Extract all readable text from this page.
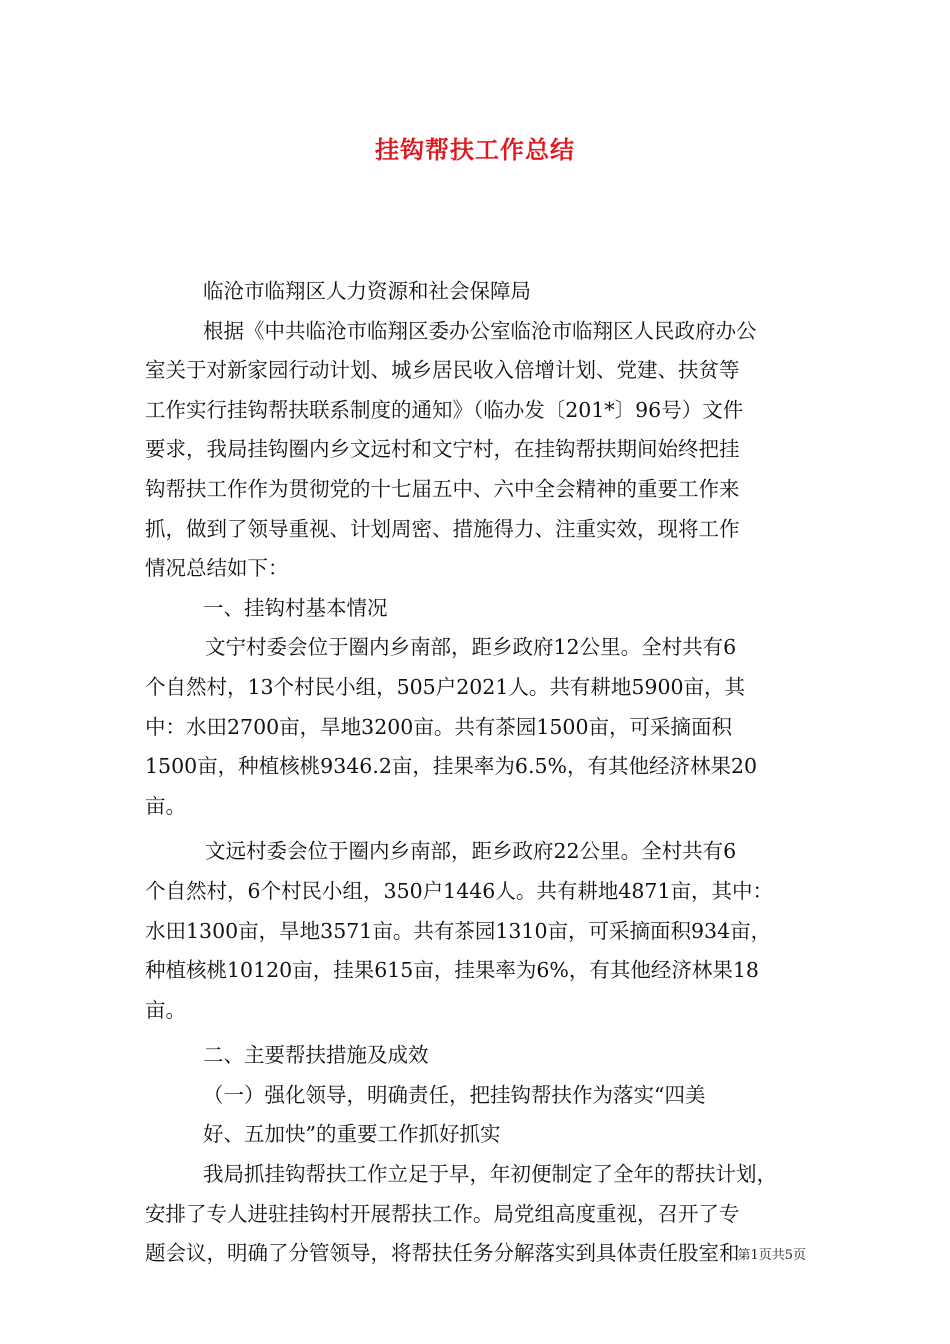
挂钩帮扶工作总结
临沧市临翔区人力资源和社会保障局
根据《中共临沧市临翔区委办公室临沧市临翔区人民政府办公
室关于对新家园行动计划、城乡居民收入倍增计划、党建、扶贫等
工作实行挂钩帮扶联系制度的通知》（临办发〔201*〕96号）文件
要求，我局挂钩圈内乡文远村和文宁村，在挂钩帮扶期间始终把挂
钩帮扶工作作为贯彻党的十七届五中、六中全会精神的重要工作来
抓，做到了领导重视、计划周密、措施得力、注重实效，现将工作
情况总结如下：
一、挂钩村基本情况
文宁村委会位于圈内乡南部，距乡政府12公里。全村共有6
个自然村，13个村民小组，505户2021人。共有耕地5900亩，其
中：水田2700亩，旱地3200亩。共有茶园1500亩，可采摘面积
1500亩，种植核桃9346.2亩，挂果率为6.5%，有其他经济林果20
亩。
文远村委会位于圈内乡南部，距乡政府22公里。全村共有6
个自然村，6个村民小组，350户1446人。共有耕地4871亩，其中：
水田1300亩，旱地3571亩。共有茶园1310亩，可采摘面积934亩，
种植核桃10120亩，挂果615亩，挂果率为6%，有其他经济林果18
亩。
二、主要帮扶措施及成效
（一）强化领导，明确责任，把挂钩帮扶作为落实“四美
好、五加快”的重要工作抓好抓实
我局抓挂钩帮扶工作立足于早，年初便制定了全年的帮扶计划，
安排了专人进驻挂钩村开展帮扶工作。局党组高度重视，召开了专
题会议，明确了分管领导，将帮扶任务分解落实到具体责任股室和
第1页共5页
